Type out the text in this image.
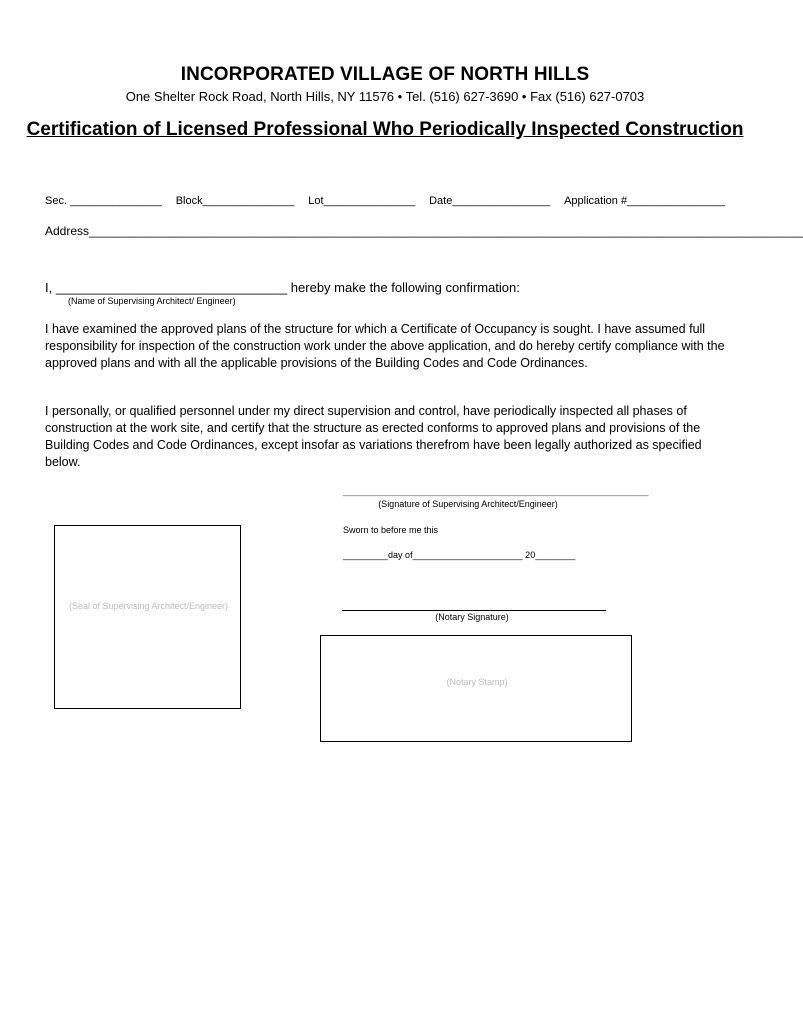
INCORPORATED VILLAGE OF NORTH HILLS
One Shelter Rock Road, North Hills, NY 11576 • Tel. (516) 627-3690 • Fax (516) 627-0703
Certification of Licensed Professional Who Periodically Inspected Construction
Sec. _______________ Block_______________ Lot_______________ Date________________ Application #________________
Address___________________________________________________________________________________________________________
I, ________________________________ hereby make the following confirmation:
(Name of Supervising Architect/ Engineer)
I have examined the approved plans of the structure for which a Certificate of Occupancy is sought. I have assumed full responsibility for inspection of the construction work under the above application, and do hereby certify compliance with the approved plans and with all the applicable provisions of the Building Codes and Code Ordinances.
I personally, or qualified personnel under my direct supervision and control, have periodically inspected all phases of construction at the work site, and certify that the structure as erected conforms to approved plans and provisions of the Building Codes and Code Ordinances, except insofar as variations therefrom have been legally authorized as specified below.
_____________________________________________________________
(Signature of Supervising Architect/Engineer)
Sworn to before me this
_________day of______________________ 20________
(Seal of Supervising Architect/Engineer)
(Notary Signature)
(Notary Stamp)
